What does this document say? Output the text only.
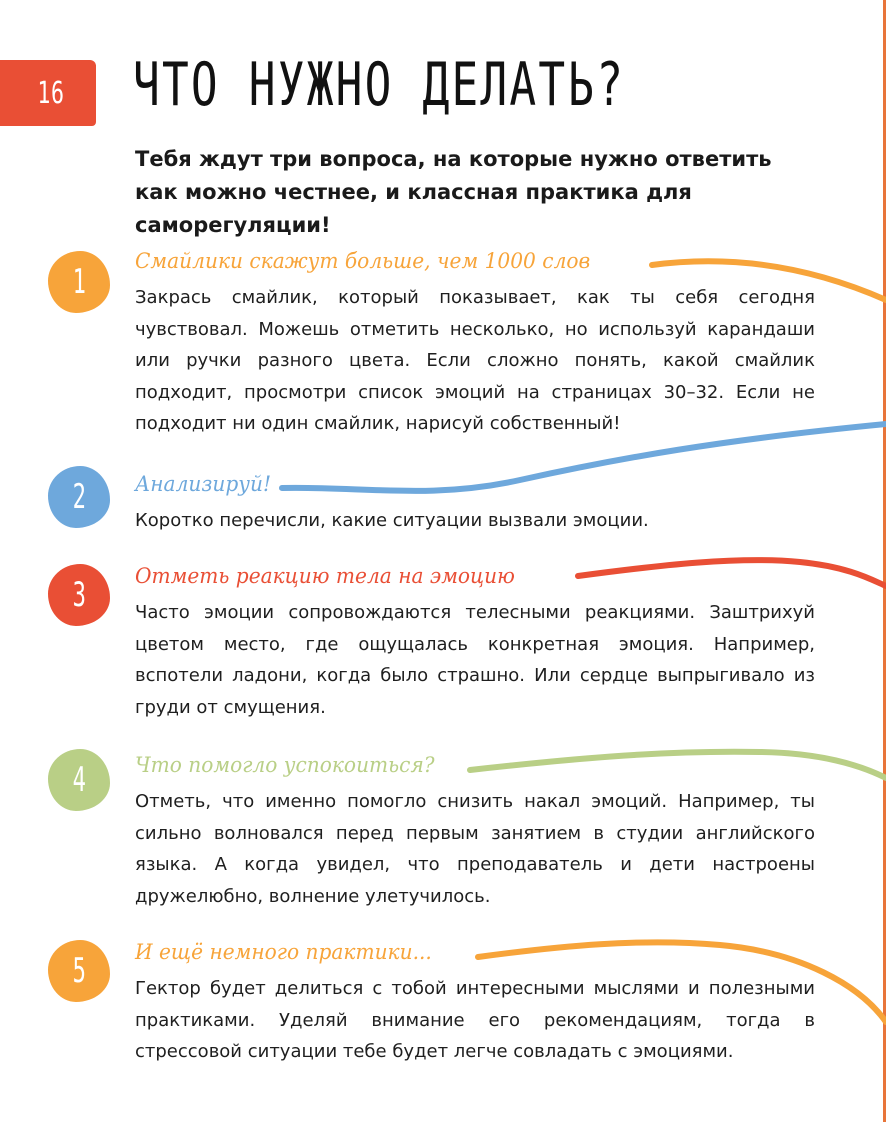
16 ЧТО НУЖНО ДЕЛАТЬ?

Тебя ждут три вопроса, на которые нужно ответить как можно честнее, и классная практика для саморегуляции!

1
Смайлики скажут больше, чем 1000 слов

Закрась смайлик, который показывает, как ты себя сегодня чувствовал. Можешь отметить несколько, но используй карандаши или ручки разного цвета. Если сложно понять, какой смайлик подходит, просмотри список эмоций на страницах 30–32. Если не подходит ни один смайлик, нарисуй собственный!

2 Анализируй!

Коротко перечисли, какие ситуации вызвали эмоции.

3 Отметь реакцию тела на эмоцию

Часто эмоции сопровождаются телесными реакциями. Заштрихуй цветом место, где ощущалась конкретная эмоция. Например, вспотели ладони, когда было страшно. Или сердце выпрыгивало из груди от смущения.

4 Что помогло успокоиться?

Отметь, что именно помогло снизить накал эмоций. Например, ты сильно волновался перед первым занятием в студии английского языка. А когда увидел, что преподаватель и дети настроены дружелюбно, волнение улетучилось.

5 И ещё немного практики...

Гектор будет делиться с тобой интересными мыслями и полезными практиками. Уделяй внимание его рекомендациям, тогда в стрессовой ситуации тебе будет легче совладать с эмоциями.
